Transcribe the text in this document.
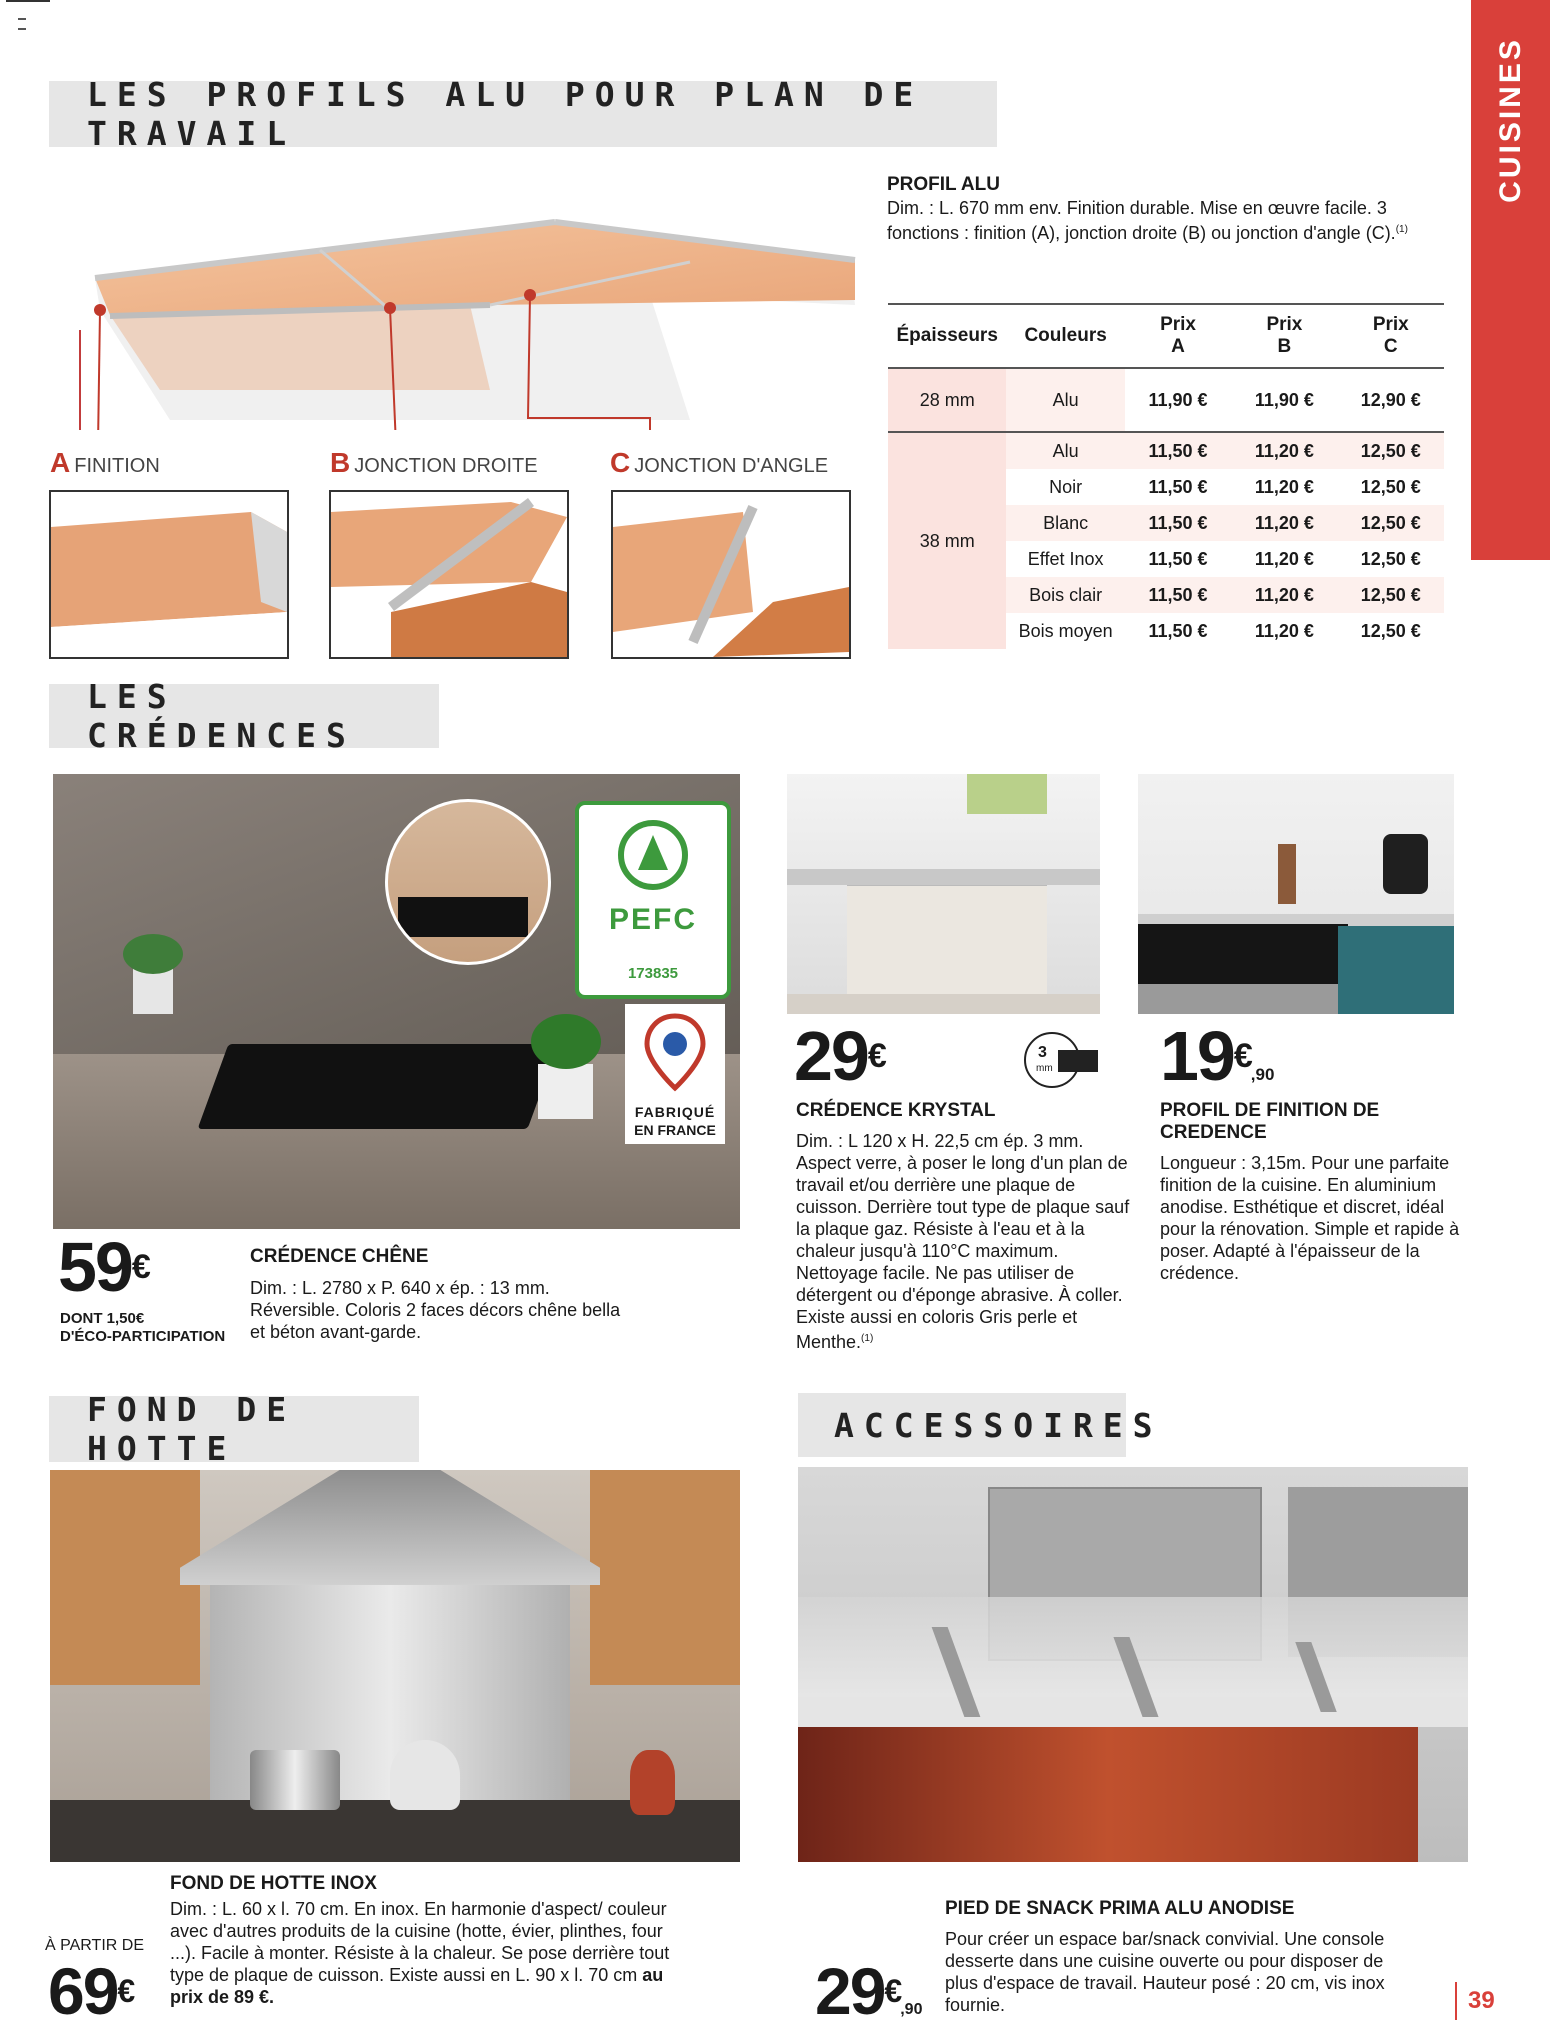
CUISINES
LES PROFILS ALU POUR PLAN DE TRAVAIL
A FINITION	B JONCTION DROITE	C JONCTION D'ANGLE
PROFIL ALU
Dim. : L. 670 mm env. Finition durable. Mise en œuvre facile. 3 fonctions : finition (A), jonction droite (B) ou jonction d'angle (C).$^{(1)}$
Épaisseurs	Couleurs	Prix A	Prix B	Prix C
28 mm	Alu	11,90 €	11,90 €	12,90 €
38 mm	Alu	11,50 €	11,20 €	12,50 €
	Noir	11,50 €	11,20 €	12,50 €
	Blanc	11,50 €	11,20 €	12,50 €
	Effet Inox	11,50 €	11,20 €	12,50 €
	Bois clair	11,50 €	11,20 €	12,50 €
	Bois moyen	11,50 €	11,20 €	12,50 €
LES CRÉDENCES
PEFC
173835
FABRIQUÉ
EN FRANCE
59€
DONT 1,50€
D'ÉCO-PARTICIPATION
CRÉDENCE CHÊNE
Dim. : L. 2780 x P. 640 x ép. : 13 mm. Réversible. Coloris 2 faces décors chêne bella et béton avant-garde.
29€	3
mm
CRÉDENCE KRYSTAL
Dim. : L 120 x H. 22,5 cm ép. 3 mm. Aspect verre, à poser le long d'un plan de travail et/ou derrière une plaque de cuisson. Derrière tout type de plaque sauf la plaque gaz. Résiste à l'eau et à la chaleur jusqu'à 110°C maximum. Nettoyage facile. Ne pas utiliser de détergent ou d'éponge abrasive. À coller. Existe aussi en coloris Gris perle et Menthe.$^{(1)}$
19€,90
PROFIL DE FINITION DE CREDENCE
Longueur : 3,15m. Pour une parfaite finition de la cuisine. En aluminium anodise. Esthétique et discret, idéal pour la rénovation. Simple et rapide à poser. Adapté à l'épaisseur de la crédence.
FOND DE HOTTE
FOND DE HOTTE INOX
À PARTIR DE
69€
Dim. : L. 60 x l. 70 cm. En inox. En harmonie d'aspect/ couleur avec d'autres produits de la cuisine (hotte, évier, plinthes, four ...). Facile à monter. Résiste à la chaleur. Se pose derrière tout type de plaque de cuisson. Existe aussi en L. 90 x l. 70 cm au prix de 89 €.
ACCESSOIRES
PIED DE SNACK PRIMA ALU ANODISE
Pour créer un espace bar/snack convivial. Une console desserte dans une cuisine ouverte ou pour disposer de plus d'espace de travail. Hauteur posé : 20 cm, vis inox fournie.
29€,90	39
